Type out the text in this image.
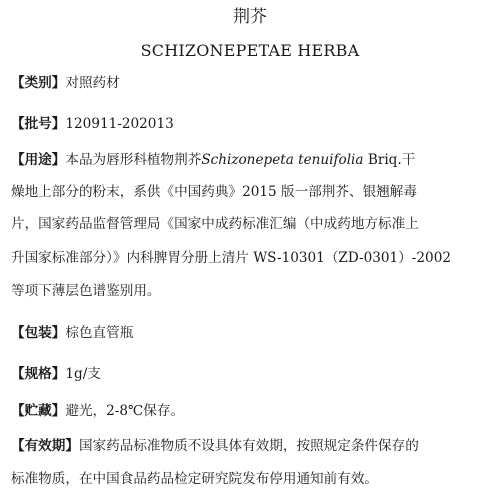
荆芥
SCHIZONEPETAE HERBA
【类别】对照药材
【批号】120911-202013
【用途】本品为唇形科植物荆芥Schizonepeta tenuifolia Briq.干
燥地上部分的粉末，系供《中国药典》2015 版一部荆芥、银翘解毒
片，国家药品监督管理局《国家中成药标准汇编（中成药地方标准上
升国家标准部分）》内科脾胃分册上清片 WS-10301（ZD-0301）-2002
等项下薄层色谱鉴别用。
【包装】棕色直管瓶
【规格】1g/支
【贮藏】避光，2-8℃保存。
【有效期】国家药品标准物质不设具体有效期，按照规定条件保存的
标准物质，在中国食品药品检定研究院发布停用通知前有效。
